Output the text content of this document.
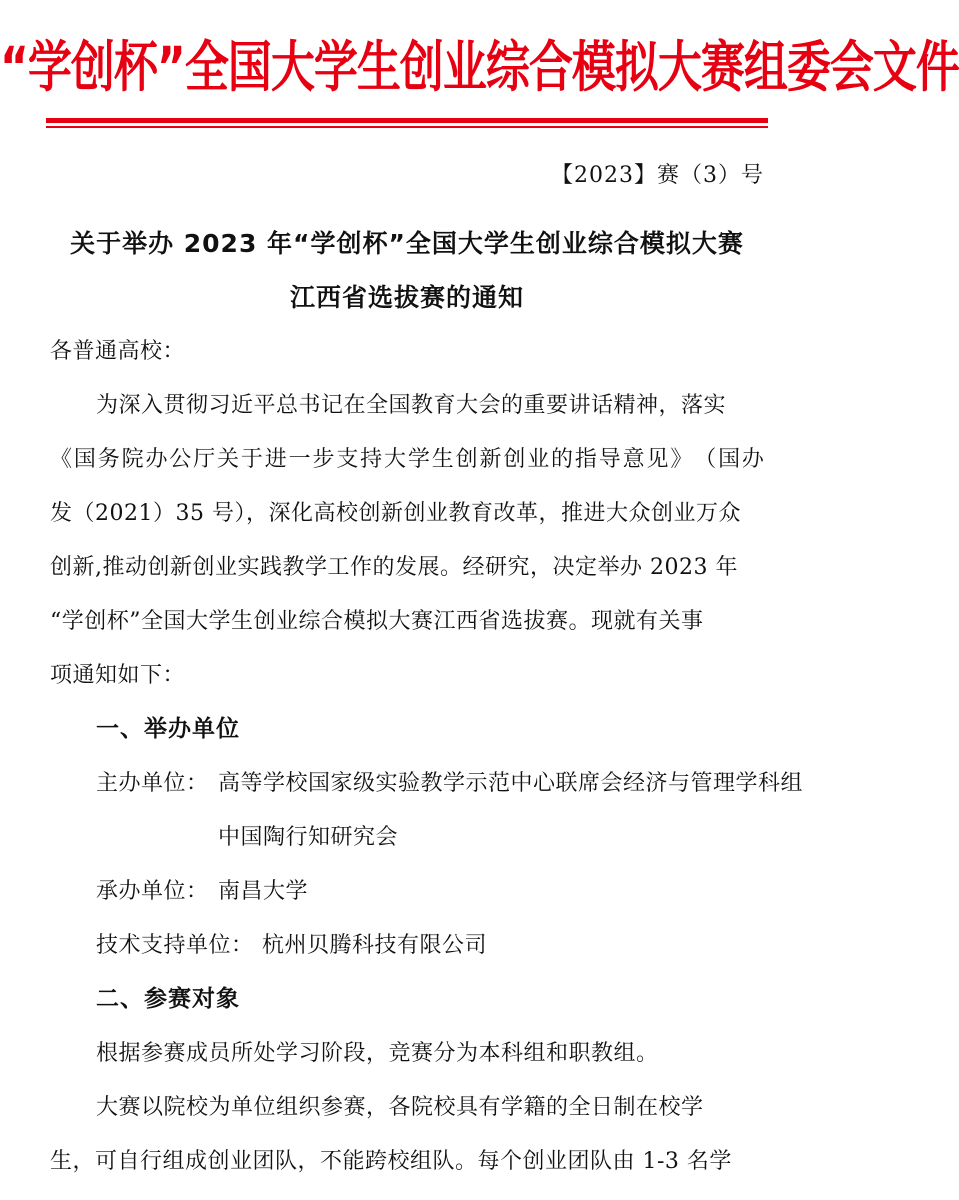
“学创杯”全国大学生创业综合模拟大赛组委会文件
【2023】赛（3）号
关于举办 2023 年“学创杯”全国大学生创业综合模拟大赛
江西省选拔赛的通知
各普通高校：
为深入贯彻习近平总书记在全国教育大会的重要讲话精神，落实
《 国 务 院 办 公 厅 关 于 进 一 步 支 持 大 学 生 创 新 创 业 的 指 导 意 见 》 （ 国 办
发（2021）35 号），深化高校创新创业教育改革，推进大众创业万众
创新,推动创新创业实践教学工作的发展。经研究，决定举办 2023 年
“学创杯”全国大学生创业综合模拟大赛江西省选拔赛。现就有关事
项通知如下：
一、举办单位
主办单位： 高等学校国家级实验教学示范中心联席会经济与管理学科组
中国陶行知研究会
承办单位： 南昌大学
技术支持单位： 杭州贝腾科技有限公司
二、参赛对象
根据参赛成员所处学习阶段，竞赛分为本科组和职教组。
大赛以院校为单位组织参赛，各院校具有学籍的全日制在校学
生，可自行组成创业团队，不能跨校组队。每个创业团队由 1-3 名学
